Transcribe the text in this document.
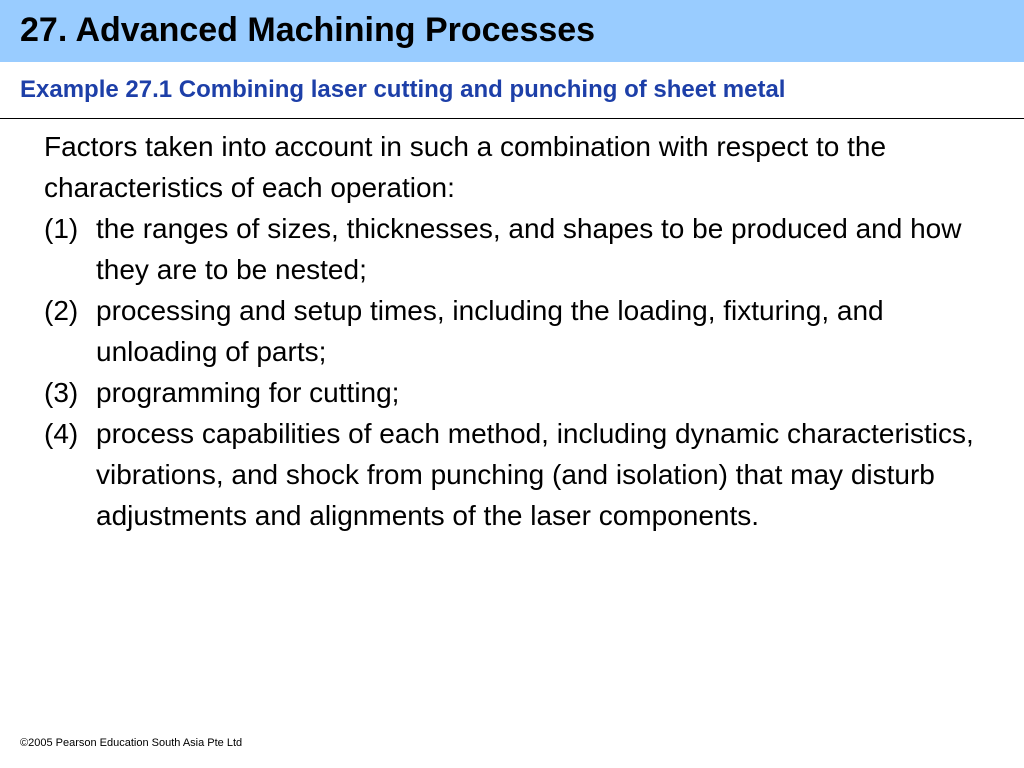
27. Advanced Machining Processes
Example 27.1 Combining laser cutting and punching of sheet metal

Factors taken into account in such a combination with respect to the characteristics of each operation:

(1) the ranges of sizes, thicknesses, and shapes to be produced and how they are to be nested;
(2) processing and setup times, including the loading, fixturing, and unloading of parts;
(3) programming for cutting;
(4) process capabilities of each method, including dynamic characteristics, vibrations, and shock from punching (and isolation) that may disturb adjustments and alignments of the laser components.
©2005 Pearson Education South Asia Pte Ltd
